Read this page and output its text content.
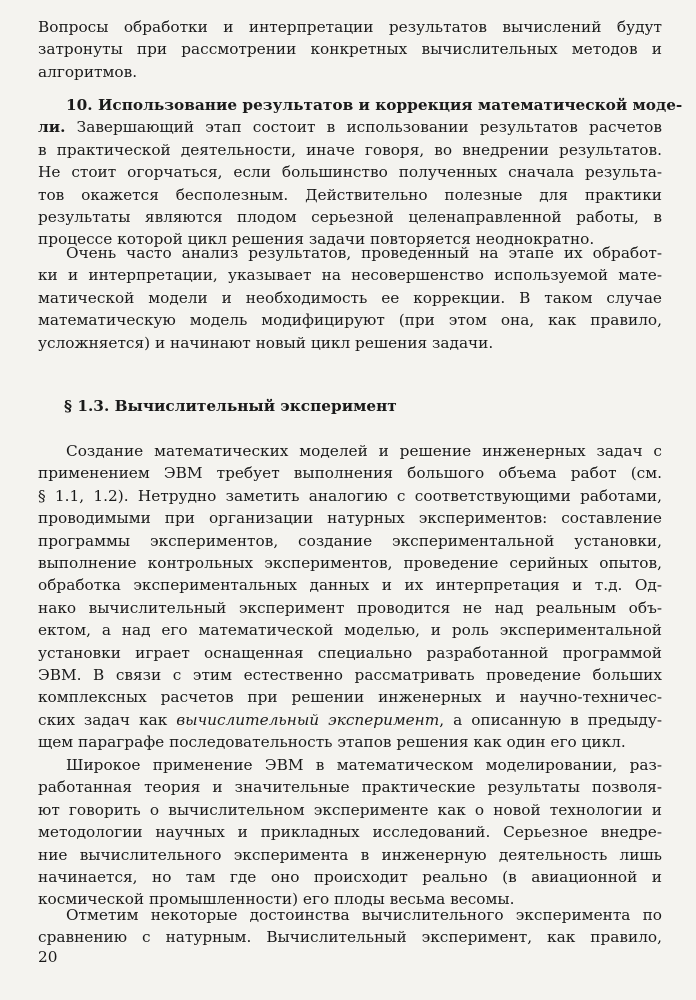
Вопросы обработки и интерпретации результатов вычислений будут
затронуты при рассмотрении конкретных вычислительных методов и
алгоритмов.
10. Использование результатов и коррекция математической моде-
ли. Завершающий этап состоит в использовании результатов расчетов
в практической деятельности, иначе говоря, во внедрении результатов.
Не стоит огорчаться, если большинство полученных сначала результа-
тов окажется бесполезным. Действительно полезные для практики
результаты являются плодом серьезной целенаправленной работы, в
процессе которой цикл решения задачи повторяется неоднократно.
Очень часто анализ результатов, проведенный на этапе их обработ-
ки и интерпретации, указывает на несовершенство используемой мате-
матической модели и необходимость ее коррекции. В таком случае
математическую модель модифицируют (при этом она, как правило,
усложняется) и начинают новый цикл решения задачи.
§ 1.3. Вычислительный эксперимент
Создание математических моделей и решение инженерных задач с
применением ЭВМ требует выполнения большого объема работ (см.
§ 1.1, 1.2). Нетрудно заметить аналогию с соответствующими работами,
проводимыми при организации натурных экспериментов: составление
программы экспериментов, создание экспериментальной установки,
выполнение контрольных экспериментов, проведение серийных опытов,
обработка экспериментальных данных и их интерпретация и т.д. Од-
нако вычислительный эксперимент проводится не над реальным объ-
ектом, а над его математической моделью, и роль экспериментальной
установки играет оснащенная специально разработанной программой
ЭВМ. В связи с этим естественно рассматривать проведение больших
комплексных расчетов при решении инженерных и научно-техничес-
ских задач как вычислительный эксперимент, а описанную в предыду-
щем параграфе последовательность этапов решения как один его цикл.
Широкое применение ЭВМ в математическом моделировании, раз-
работанная теория и значительные практические результаты позволя-
ют говорить о вычислительном эксперименте как о новой технологии и
методологии научных и прикладных исследований. Серьезное внедре-
ние вычислительного эксперимента в инженерную деятельность лишь
начинается, но там где оно происходит реально (в авиационной и
космической промышленности) его плоды весьма весомы.
Отметим некоторые достоинства вычислительного эксперимента по
сравнению с натурным. Вычислительный эксперимент, как правило,
20
